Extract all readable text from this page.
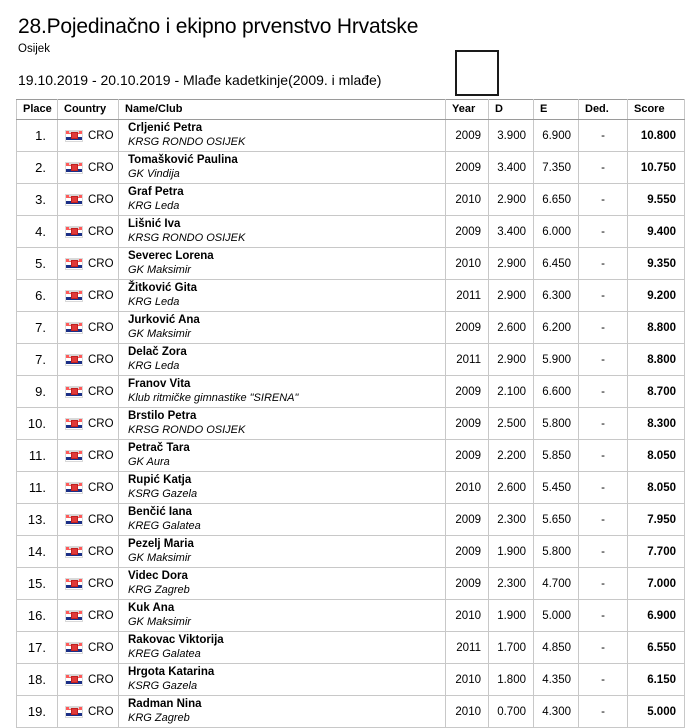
28.Pojedinačno i ekipno prvenstvo Hrvatske
Osijek
19.10.2019 - 20.10.2019 - Mlađe kadetkinje(2009. i mlađe)
Place	Country	Name/Club	Year	D	E	Ded.	Score
1.	CRO	Crljenić Petra
KRSG RONDO OSIJEK	2009	3.900	6.900	-	10.800
2.	CRO	Tomašković Paulina
GK Vindija	2009	3.400	7.350	-	10.750
3.	CRO	Graf Petra
KRG Leda	2010	2.900	6.650	-	9.550
4.	CRO	Lišnić Iva
KRSG RONDO OSIJEK	2009	3.400	6.000	-	9.400
5.	CRO	Severec Lorena
GK Maksimir	2010	2.900	6.450	-	9.350
6.	CRO	Žitković Gita
KRG Leda	2011	2.900	6.300	-	9.200
7.	CRO	Jurković Ana
GK Maksimir	2009	2.600	6.200	-	8.800
7.	CRO	Delač Zora
KRG Leda	2011	2.900	5.900	-	8.800
9.	CRO	Franov Vita
Klub ritmičke gimnastike "SIRENA"	2009	2.100	6.600	-	8.700
10.	CRO	Brstilo Petra
KRSG RONDO OSIJEK	2009	2.500	5.800	-	8.300
11.	CRO	Petrač Tara
GK Aura	2009	2.200	5.850	-	8.050
11.	CRO	Rupić Katja
KSRG Gazela	2010	2.600	5.450	-	8.050
13.	CRO	Benčić Iana
KREG Galatea	2009	2.300	5.650	-	7.950
14.	CRO	Pezelj Maria
GK Maksimir	2009	1.900	5.800	-	7.700
15.	CRO	Videc Dora
KRG Zagreb	2009	2.300	4.700	-	7.000
16.	CRO	Kuk Ana
GK Maksimir	2010	1.900	5.000	-	6.900
17.	CRO	Rakovac Viktorija
KREG Galatea	2011	1.700	4.850	-	6.550
18.	CRO	Hrgota Katarina
KSRG Gazela	2010	1.800	4.350	-	6.150
19.	CRO	Radman Nina
KRG Zagreb	2010	0.700	4.300	-	5.000
